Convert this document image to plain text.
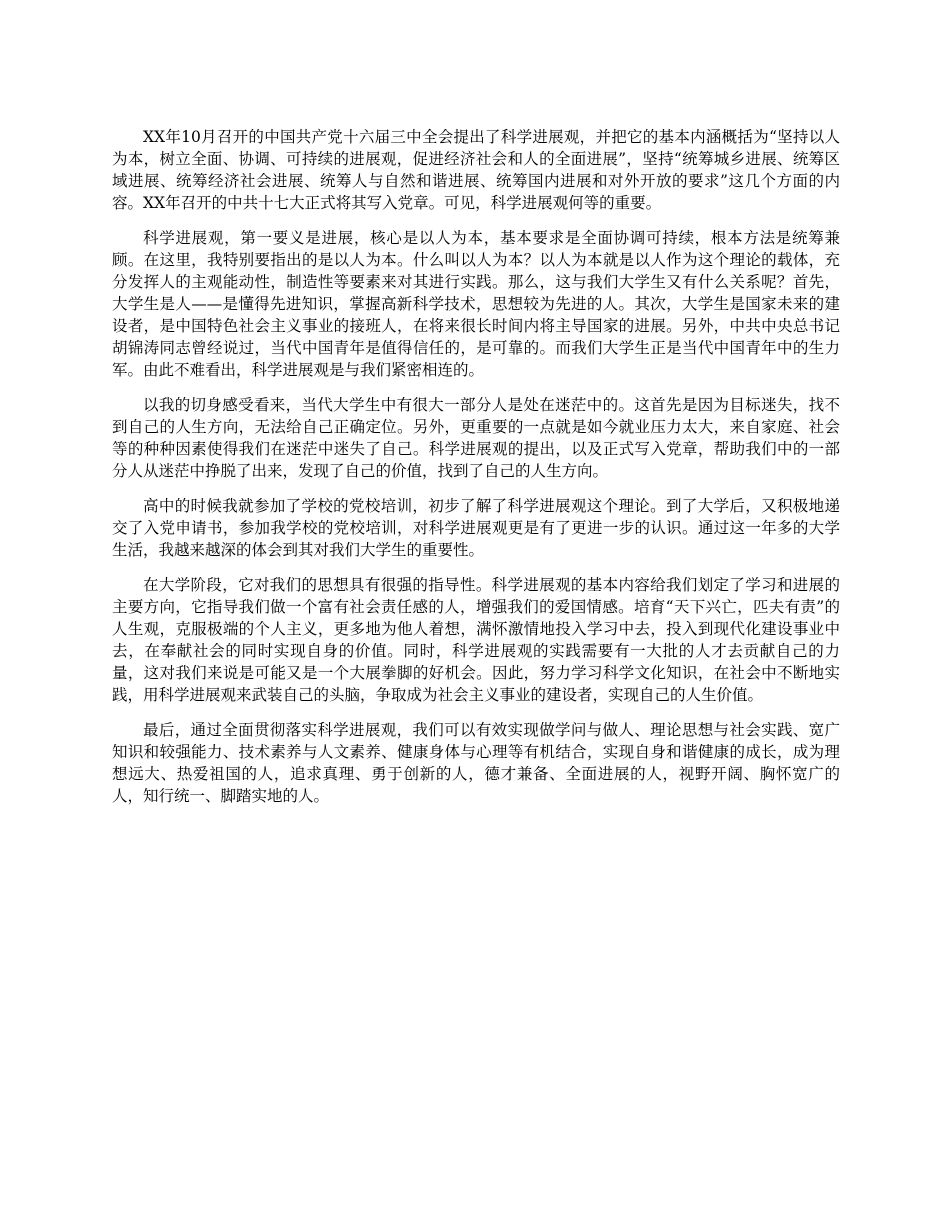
XX年10月召开的中国共产党十六届三中全会提出了科学进展观，并把它的基本内涵概括为“坚持以人为本，树立全面、协调、可持续的进展观，促进经济社会和人的全面进展”，坚持“统筹城乡进展、统筹区域进展、统筹经济社会进展、统筹人与自然和谐进展、统筹国内进展和对外开放的要求”这几个方面的内容。XX年召开的中共十七大正式将其写入党章。可见，科学进展观何等的重要。

科学进展观，第一要义是进展，核心是以人为本，基本要求是全面协调可持续，根本方法是统筹兼顾。在这里，我特别要指出的是以人为本。什么叫以人为本？以人为本就是以人作为这个理论的载体，充分发挥人的主观能动性，制造性等要素来对其进行实践。那么，这与我们大学生又有什么关系呢？首先，大学生是人——是懂得先进知识，掌握高新科学技术，思想较为先进的人。其次，大学生是国家未来的建设者，是中国特色社会主义事业的接班人，在将来很长时间内将主导国家的进展。另外，中共中央总书记胡锦涛同志曾经说过，当代中国青年是值得信任的，是可靠的。而我们大学生正是当代中国青年中的生力军。由此不难看出，科学进展观是与我们紧密相连的。

以我的切身感受看来，当代大学生中有很大一部分人是处在迷茫中的。这首先是因为目标迷失，找不到自己的人生方向，无法给自己正确定位。另外，更重要的一点就是如今就业压力太大，来自家庭、社会等的种种因素使得我们在迷茫中迷失了自己。科学进展观的提出，以及正式写入党章，帮助我们中的一部分人从迷茫中挣脱了出来，发现了自己的价值，找到了自己的人生方向。

高中的时候我就参加了学校的党校培训，初步了解了科学进展观这个理论。到了大学后，又积极地递交了入党申请书，参加我学校的党校培训，对科学进展观更是有了更进一步的认识。通过这一年多的大学生活，我越来越深的体会到其对我们大学生的重要性。

在大学阶段，它对我们的思想具有很强的指导性。科学进展观的基本内容给我们划定了学习和进展的主要方向，它指导我们做一个富有社会责任感的人，增强我们的爱国情感。培育“天下兴亡，匹夫有责”的人生观，克服极端的个人主义，更多地为他人着想，满怀激情地投入学习中去，投入到现代化建设事业中去，在奉献社会的同时实现自身的价值。同时，科学进展观的实践需要有一大批的人才去贡献自己的力量，这对我们来说是可能又是一个大展拳脚的好机会。因此，努力学习科学文化知识，在社会中不断地实践，用科学进展观来武装自己的头脑，争取成为社会主义事业的建设者，实现自己的人生价值。

最后，通过全面贯彻落实科学进展观，我们可以有效实现做学问与做人、理论思想与社会实践、宽广知识和较强能力、技术素养与人文素养、健康身体与心理等有机结合，实现自身和谐健康的成长，成为理想远大、热爱祖国的人，追求真理、勇于创新的人，德才兼备、全面进展的人，视野开阔、胸怀宽广的人，知行统一、脚踏实地的人。
